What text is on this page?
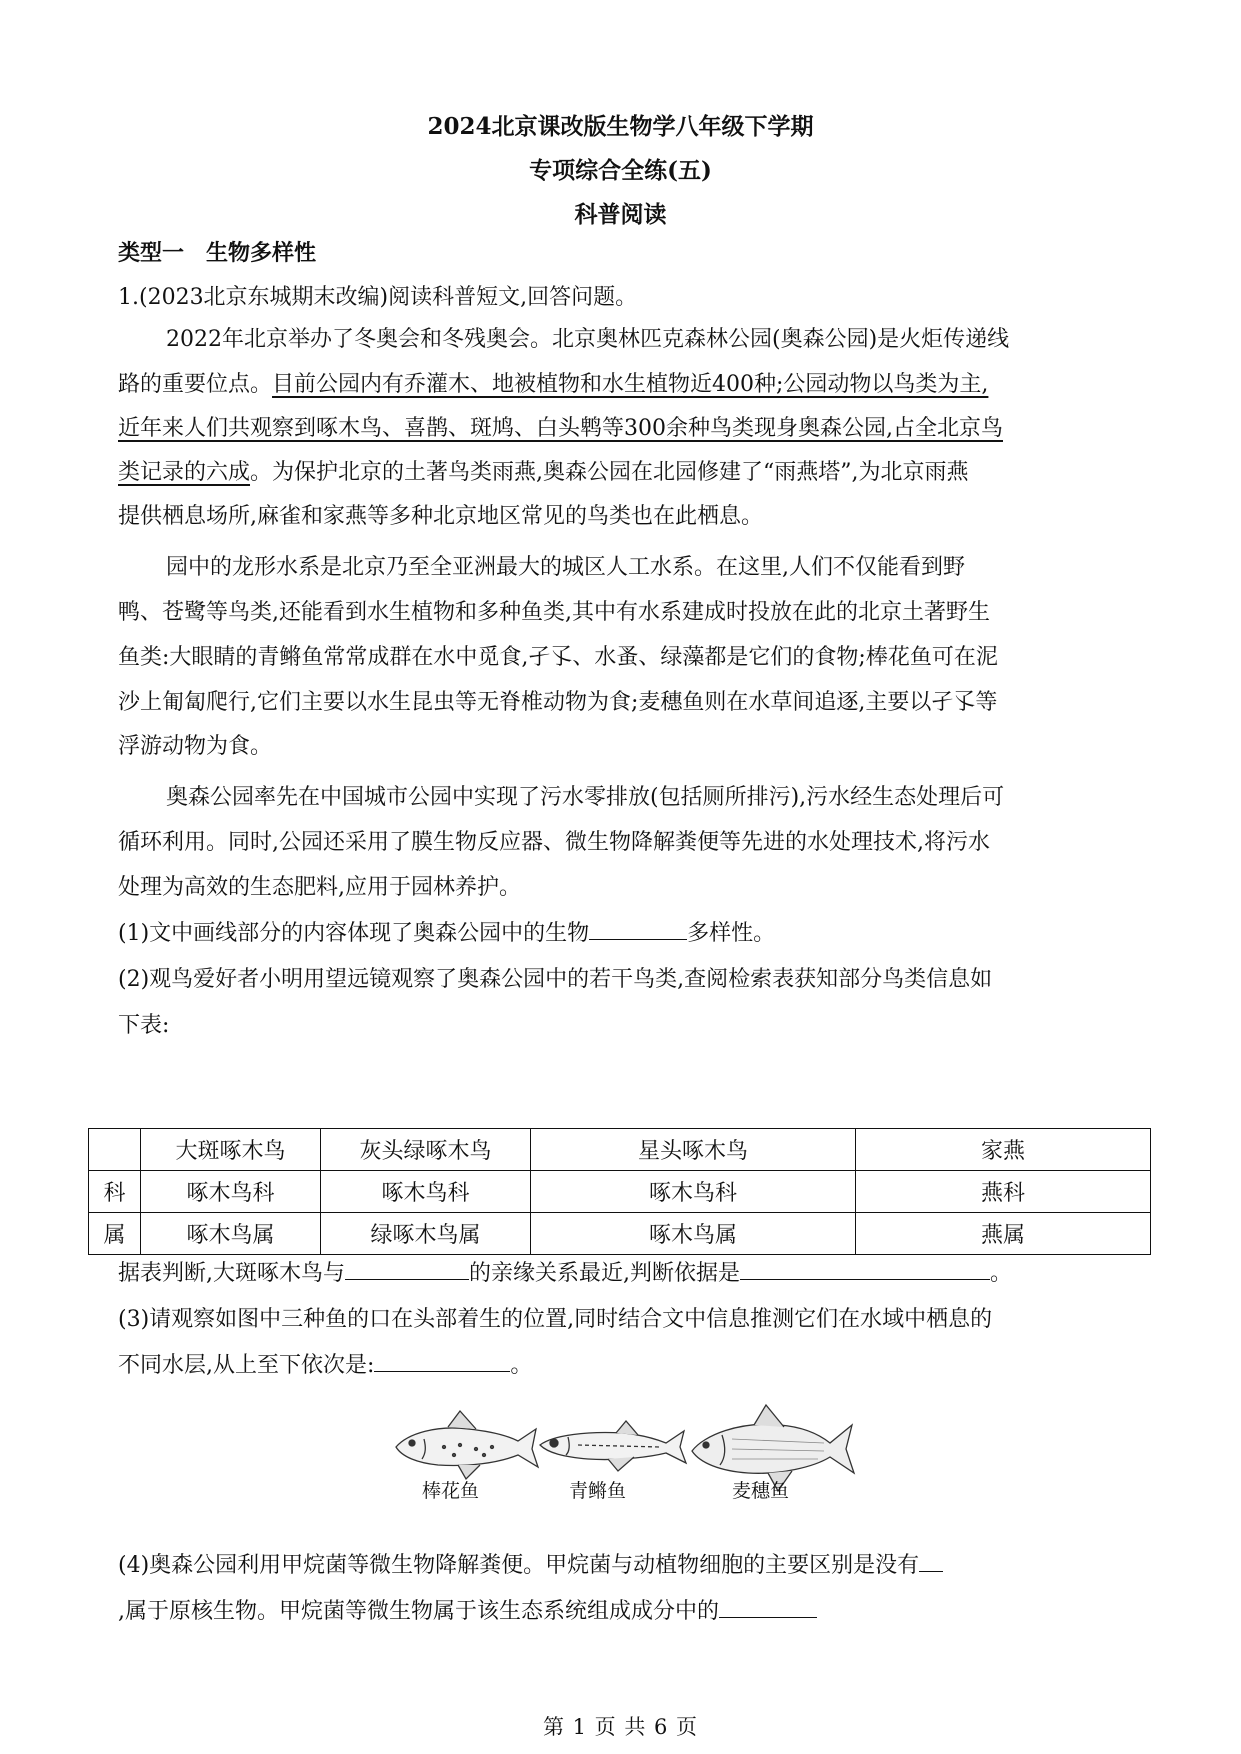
2024北京课改版生物学八年级下学期
专项综合全练(五)
科普阅读
类型一　生物多样性
1.(2023北京东城期末改编)阅读科普短文,回答问题。
2022年北京举办了冬奥会和冬残奥会。北京奥林匹克森林公园(奥森公园)是火炬传递线
路的重要位点。目前公园内有乔灌木、地被植物和水生植物近400种;公园动物以鸟类为主,
近年来人们共观察到啄木鸟、喜鹊、斑鸠、白头鹎等300余种鸟类现身奥森公园,占全北京鸟
类记录的六成。为保护北京的土著鸟类雨燕,奥森公园在北园修建了“雨燕塔”,为北京雨燕
提供栖息场所,麻雀和家燕等多种北京地区常见的鸟类也在此栖息。
园中的龙形水系是北京乃至全亚洲最大的城区人工水系。在这里,人们不仅能看到野
鸭、苍鹭等鸟类,还能看到水生植物和多种鱼类,其中有水系建成时投放在此的北京土著野生
鱼类:大眼睛的青鳉鱼常常成群在水中觅食,孑孓、水蚤、绿藻都是它们的食物;棒花鱼可在泥
沙上匍匐爬行,它们主要以水生昆虫等无脊椎动物为食;麦穗鱼则在水草间追逐,主要以孑孓等
浮游动物为食。
奥森公园率先在中国城市公园中实现了污水零排放(包括厕所排污),污水经生态处理后可
循环利用。同时,公园还采用了膜生物反应器、微生物降解粪便等先进的水处理技术,将污水
处理为高效的生态肥料,应用于园林养护。
(1)文中画线部分的内容体现了奥森公园中的生物	多样性。
(2)观鸟爱好者小明用望远镜观察了奥森公园中的若干鸟类,查阅检索表获知部分鸟类信息如
下表:
	大斑啄木鸟	灰头绿啄木鸟	星头啄木鸟	家燕
科	啄木鸟科	啄木鸟科	啄木鸟科	燕科
属	啄木鸟属	绿啄木鸟属	啄木鸟属	燕属
据表判断,大斑啄木鸟与	的亲缘关系最近,判断依据是	。
(3)请观察如图中三种鱼的口在头部着生的位置,同时结合文中信息推测它们在水域中栖息的
不同水层,从上至下依次是:	。
棒花鱼	青鳉鱼	麦穗鱼
(4)奥森公园利用甲烷菌等微生物降解粪便。甲烷菌与动植物细胞的主要区别是没有
,属于原核生物。甲烷菌等微生物属于该生态系统组成成分中的
第 1 页 共 6 页
